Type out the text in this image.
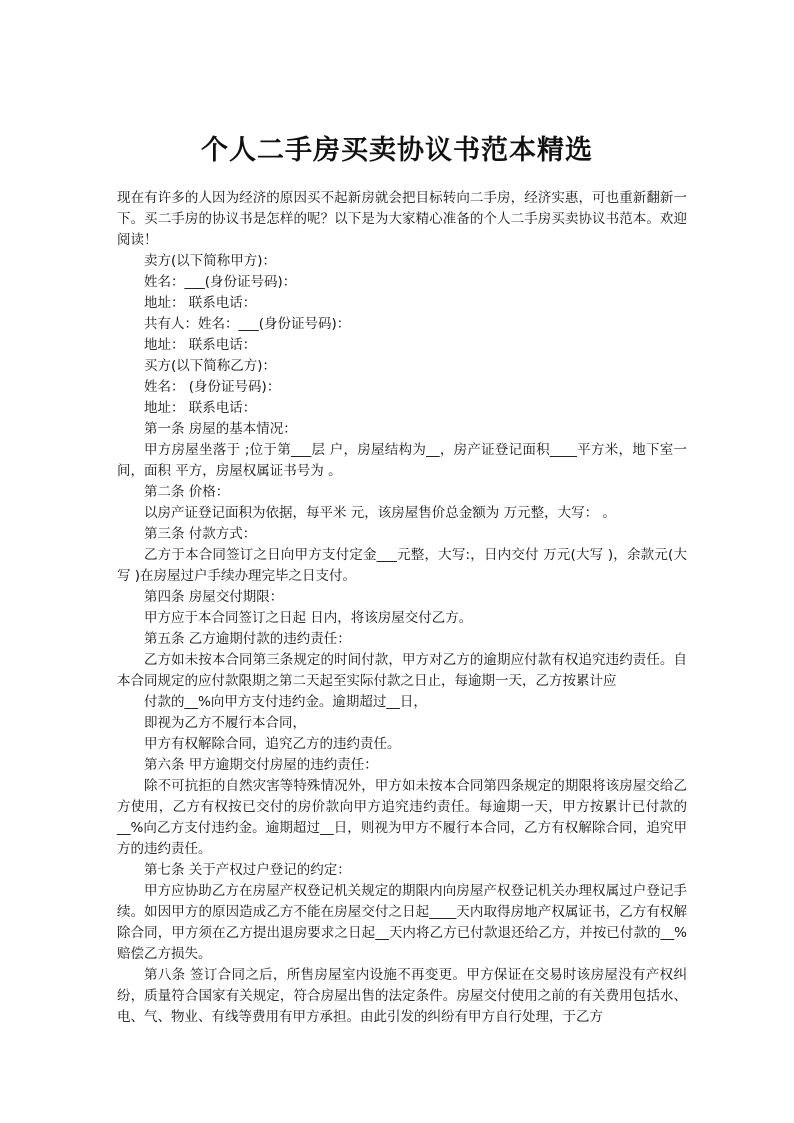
个人二手房买卖协议书范本精选

现在有许多的人因为经济的原因买不起新房就会把目标转向二手房，经济实惠，可也重新翻新一下。买二手房的协议书是怎样的呢？以下是为大家精心准备的个人二手房买卖协议书范本。欢迎阅读！

卖方(以下简称甲方)：

姓名：___(身份证号码)：

地址： 联系电话：

共有人：姓名：___(身份证号码)：

地址： 联系电话：

买方(以下简称乙方)：

姓名： (身份证号码)：

地址： 联系电话：

第一条 房屋的基本情况：

甲方房屋坐落于 ;位于第___层 户，房屋结构为__，房产证登记面积____平方米，地下室一间，面积 平方，房屋权属证书号为 。

第二条 价格：

以房产证登记面积为依据，每平米 元，该房屋售价总金额为 万元整，大写： 。

第三条 付款方式：

乙方于本合同签订之日向甲方支付定金___元整，大写:，日内交付 万元(大写 )，余款元(大写 )在房屋过户手续办理完毕之日支付。

第四条 房屋交付期限：

甲方应于本合同签订之日起 日内，将该房屋交付乙方。

第五条 乙方逾期付款的违约责任：

乙方如未按本合同第三条规定的时间付款，甲方对乙方的逾期应付款有权追究违约责任。自本合同规定的应付款限期之第二天起至实际付款之日止，每逾期一天，乙方按累计应

付款的__%向甲方支付违约金。逾期超过__日，

即视为乙方不履行本合同，

甲方有权解除合同，追究乙方的违约责任。

第六条 甲方逾期交付房屋的违约责任：

除不可抗拒的自然灾害等特殊情况外，甲方如未按本合同第四条规定的期限将该房屋交给乙方使用，乙方有权按已交付的房价款向甲方追究违约责任。每逾期一天，甲方按累计已付款的__%向乙方支付违约金。逾期超过__日，则视为甲方不履行本合同，乙方有权解除合同，追究甲方的违约责任。

第七条 关于产权过户登记的约定：

甲方应协助乙方在房屋产权登记机关规定的期限内向房屋产权登记机关办理权属过户登记手续。如因甲方的原因造成乙方不能在房屋交付之日起____天内取得房地产权属证书，乙方有权解除合同，甲方须在乙方提出退房要求之日起__天内将乙方已付款退还给乙方，并按已付款的__%赔偿乙方损失。

第八条 签订合同之后，所售房屋室内设施不再变更。甲方保证在交易时该房屋没有产权纠纷，质量符合国家有关规定，符合房屋出售的法定条件。房屋交付使用之前的有关费用包括水、电、气、物业、有线等费用有甲方承担。由此引发的纠纷有甲方自行处理，于乙方
